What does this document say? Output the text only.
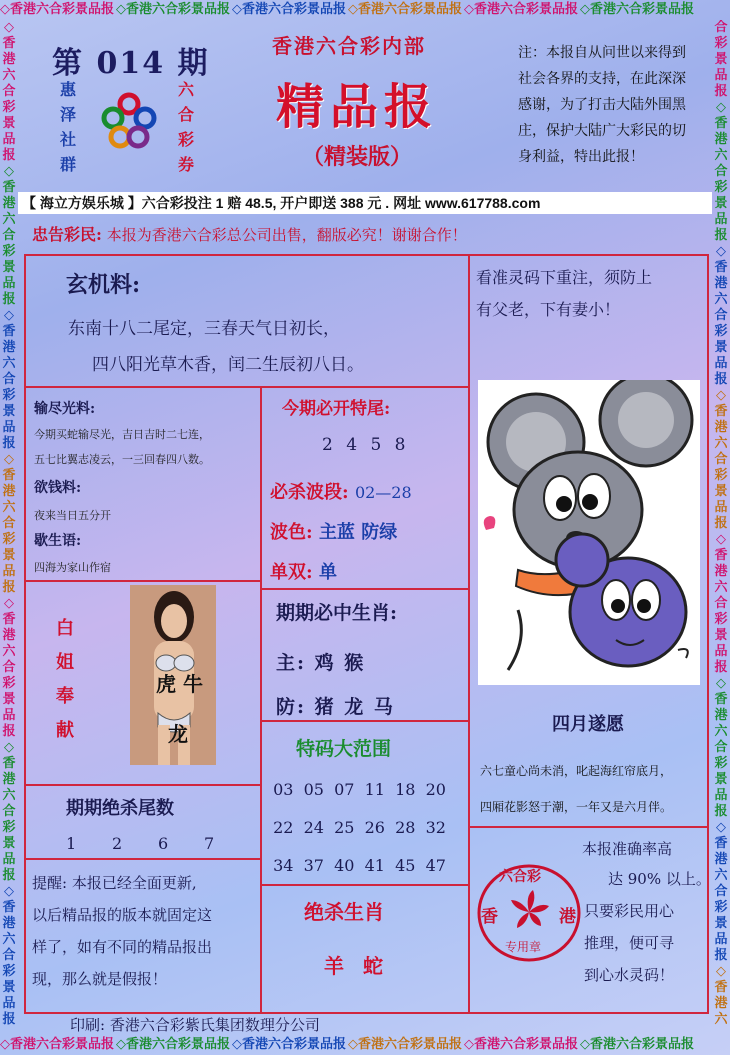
◇香港六合彩景品报 ◇香港六合彩景品报 ◇香港六合彩景品报 ◇香港六合彩景品报 ◇香港六合彩景品报 ◇香港六合彩景品报
◇香港六合彩景品报 ◇香港六合彩景品报 ◇香港六合彩景品报 ◇香港六合彩景品报 ◇香港六合彩景品报 ◇香港六合彩景品报
◇
香
港
六
合
彩
景
品
报
◇
香
港
六
合
彩
景
品
报
◇
香
港
六
合
彩
景
品
报
◇
香
港
六
合
彩
景
品
报
◇
香
港
六
合
彩
景
品
报
◇
香
港
六
合
彩
景
品
报
◇
香
港
六
合
彩
景
品
报
合
彩
景
品
报
◇
香
港
六
合
彩
景
品
报
◇
香
港
六
合
彩
景
品
报
◇
香
港
六
合
彩
景
品
报
◇
香
港
六
合
彩
景
品
报
◇
香
港
六
合
彩
景
品
报
◇
香
港
六
合
彩
景
品
报
◇
香
港
六
第 014 期
惠
泽
社
群
六
合
彩
券
香港六合彩内部
精品报
（精装版）
注：本报自从问世以来得到
社会各界的支持，在此深深
感谢，为了打击大陆外围黑
庄，保护大陆广大彩民的切
身利益，特出此报！
【 海立方娱乐城 】六合彩投注 1 赔 48.5, 开户即送 388 元 . 网址 www.617788.com
忠告彩民: 本报为香港六合彩总公司出售，翻版必究！谢谢合作！
玄机料:
东南十八二尾定，三春天气日初长，
四八阳光草木香，闰二生辰初八日。
看准灵码下重注，须防上
有父老，下有妻小！
输尽光料:
今期买蛇输尽光，吉日吉时二七连，
五七比翼志凌云，一三回春四八数。
欲钱料:
夜来当日五分开
歇生语:
四海为家山作宿
今期必开特尾:
2 4 5 8
必杀波段: 02—28
波色: 主蓝 防绿
单双: 单
期期必中生肖:
主: 鸡 猴
防: 猪 龙 马
白
姐
奉
献
虎 牛
龙
特码大范围
03 05 07 11 18 20
22 24 25 26 28 32
34 37 40 41 45 47
期期绝杀尾数
1 2 6 7
提醒: 本报已经全面更新,
以后精品报的版本就固定这
样了，如有不同的精品报出
现，那么就是假报！
绝杀生肖
羊 蛇
四月遂愿
六七童心尚未消，叱起海红帘底月，
四厢花影怒于潮，一年又是六月伴。
本报准确率高
达 90% 以上。
只要彩民用心
推理，便可寻
到心水灵码！
六合彩
香	港
专用章
印刷: 香港六合彩紫氏集团数理分公司
